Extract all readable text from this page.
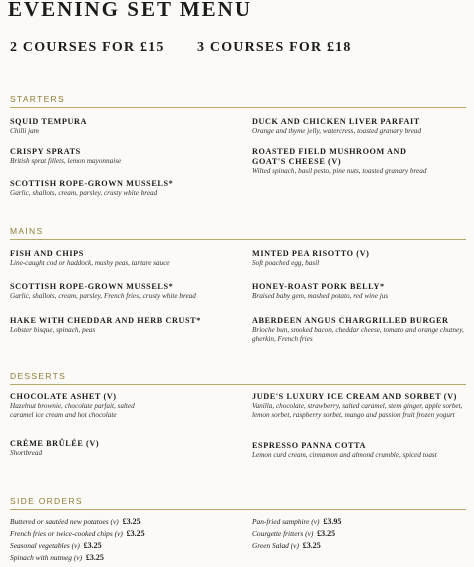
EVENING SET MENU
2 COURSES FOR £15 3 COURSES FOR £18
STARTERS
SQUID TEMPURA
Chilli jam
CRISPY SPRATS
British sprat fillets, lemon mayonnaise
SCOTTISH ROPE-GROWN MUSSELS*
Garlic, shallots, cream, parsley, crusty white bread
DUCK AND CHICKEN LIVER PARFAIT
Orange and thyme jelly, watercress, toasted granary bread
ROASTED FIELD MUSHROOM AND GOAT'S CHEESE (V)
Wilted spinach, basil pesto, pine nuts, toasted granary bread
MAINS
FISH AND CHIPS
Line-caught cod or haddock, mushy peas, tartare sauce
SCOTTISH ROPE-GROWN MUSSELS*
Garlic, shallots, cream, parsley, French fries, crusty white bread
HAKE WITH CHEDDAR AND HERB CRUST*
Lobster bisque, spinach, peas
MINTED PEA RISOTTO (V)
Soft poached egg, basil
HONEY-ROAST PORK BELLY*
Braised baby gem, mashed potato, red wine jus
ABERDEEN ANGUS CHARGRILLED BURGER
Brioche bun, smoked bacon, cheddar cheese, tomato and orange chutney, gherkin, French fries
DESSERTS
CHOCOLATE ASHET (V)
Hazelnut brownie, chocolate parfait, salted caramel ice cream and hot chocolate
CRÈME BRÛLÉE (V)
Shortbread
JUDE'S LUXURY ICE CREAM AND SORBET (V)
Vanilla, chocolate, strawberry, salted caramel, stem ginger, apple sorbet, lemon sorbet, raspberry sorbet, mango and passion fruit frozen yogurt
ESPRESSO PANNA COTTA
Lemon curd cream, cinnamon and almond crumble, spiced toast
SIDE ORDERS
Buttered or sautéed new potatoes (v) £3.25
French fries or twice-cooked chips (v) £3.25
Seasonal vegetables (v) £3.25
Spinach with nutmeg (v) £3.25
Pan-fried samphire (v) £3.95
Courgette fritters (v) £3.25
Green Salad (v) £3.25
